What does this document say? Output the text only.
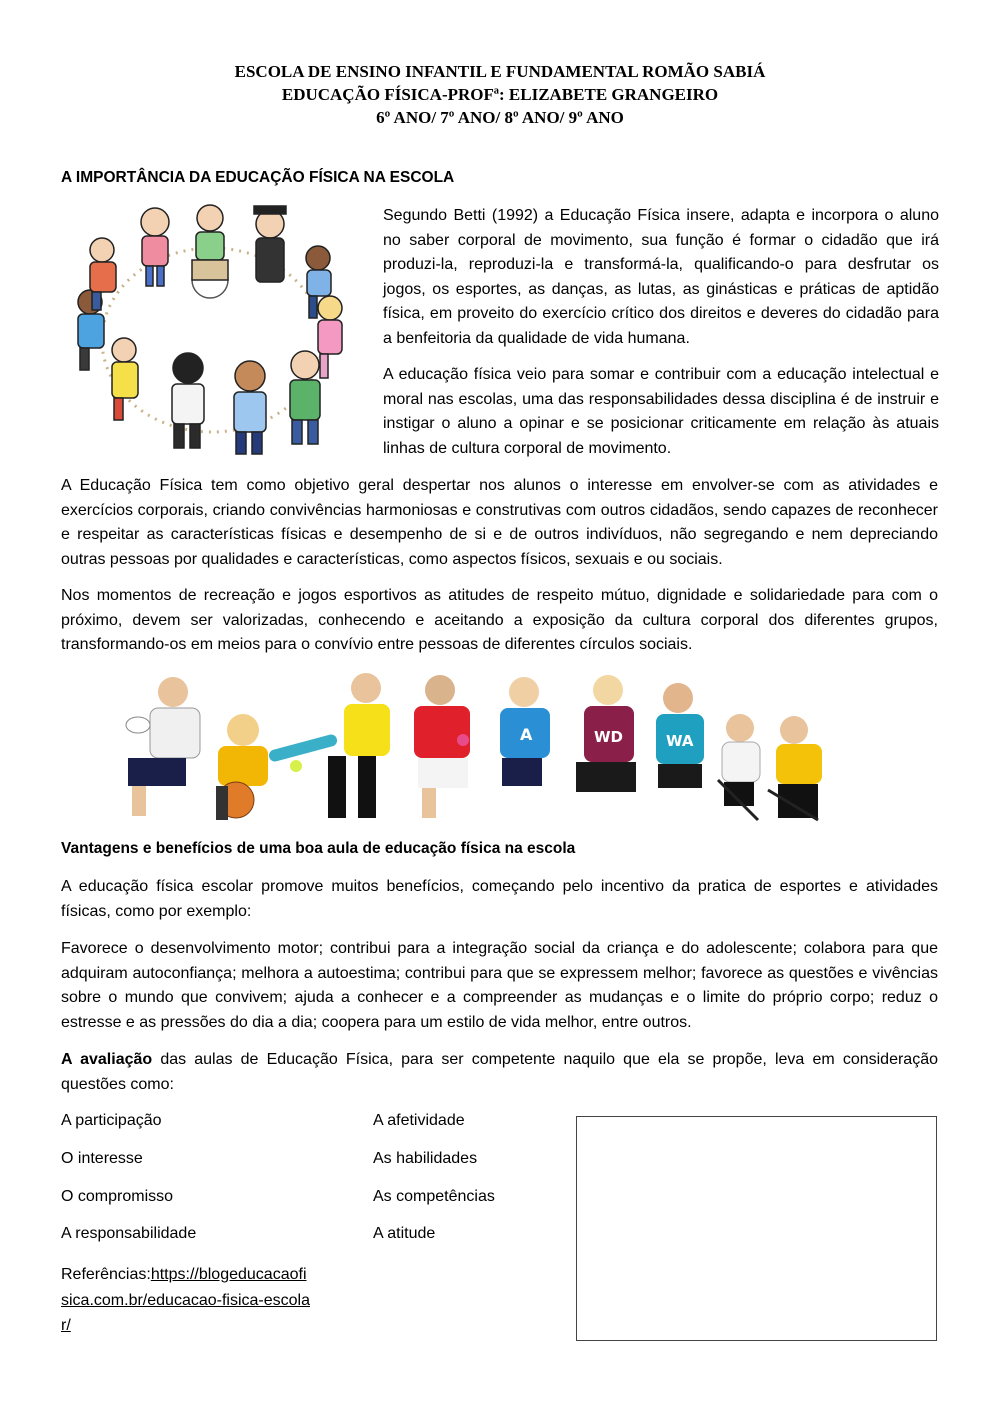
ESCOLA DE ENSINO INFANTIL E FUNDAMENTAL ROMÃO SABIÁ
EDUCAÇÃO FÍSICA-PROFª: ELIZABETE GRANGEIRO
6º ANO/ 7º ANO/ 8º ANO/ 9º ANO
A IMPORTÂNCIA DA EDUCAÇÃO FÍSICA NA ESCOLA
Segundo Betti (1992) a Educação Física insere, adapta e incorpora o aluno no saber corporal de movimento, sua função é formar o cidadão que irá produzi-la, reproduzi-la e transformá-la, qualificando-o para desfrutar os jogos, os esportes, as danças, as lutas, as ginásticas e práticas de aptidão física, em proveito do exercício crítico dos direitos e deveres do cidadão para a benfeitoria da qualidade de vida humana.
A educação física veio para somar e contribuir com a educação intelectual e moral nas escolas, uma das responsabilidades dessa disciplina é de instruir e instigar o aluno a opinar e se posicionar criticamente em relação às atuais linhas de cultura corporal de movimento.
A Educação Física tem como objetivo geral despertar nos alunos o interesse em envolver-se com as atividades e exercícios corporais, criando convivências harmoniosas e construtivas com outros cidadãos, sendo capazes de reconhecer e respeitar as características físicas e desempenho de si e de outros indivíduos, não segregando e nem depreciando outras pessoas por qualidades e características, como aspectos físicos, sexuais e ou sociais.
Nos momentos de recreação e jogos esportivos as atitudes de respeito mútuo, dignidade e solidariedade para com o próximo, devem ser valorizadas, conhecendo e aceitando a exposição da cultura corporal dos diferentes grupos, transformando-os em meios para o convívio entre pessoas de diferentes círculos sociais.
A	WD	WA
Vantagens e benefícios de uma boa aula de educação física na escola
A educação física escolar promove muitos benefícios, começando pelo incentivo da pratica de esportes e atividades físicas, como por exemplo:
Favorece o desenvolvimento motor; contribui para a integração social da criança e do adolescente; colabora para que adquiram autoconfiança; melhora a autoestima; contribui para que se expressem melhor; favorece as questões e vivências sobre o mundo que convivem; ajuda a conhecer e a compreender as mudanças e o limite do próprio corpo; reduz o estresse e as pressões do dia a dia; coopera para um estilo de vida melhor, entre outros.
A avaliação das aulas de Educação Física, para ser competente naquilo que ela se propõe, leva em consideração questões como:
A participação
O interesse
O compromisso
A responsabilidade
A afetividade
As habilidades
As competências
A atitude
Referências:https://blogeducacaofisica.com.br/educacao-fisica-escolar/
